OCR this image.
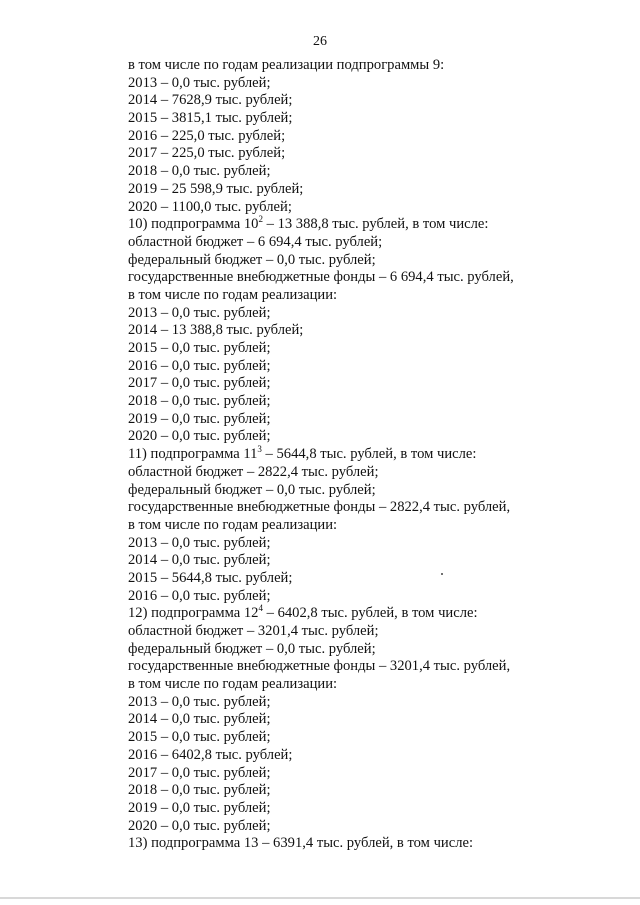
26
в том числе по годам реализации подпрограммы 9:
2013 – 0,0 тыс. рублей;
2014 – 7628,9 тыс. рублей;
2015 – 3815,1 тыс. рублей;
2016 – 225,0 тыс. рублей;
2017 – 225,0 тыс. рублей;
2018 – 0,0 тыс. рублей;
2019 – 25 598,9 тыс. рублей;
2020 – 1100,0 тыс. рублей;
10) подпрограмма $10^2 - 13$ 388,8 тыс. рублей, в том числе:
областной бюджет – 6 694,4 тыс. рублей;
федеральный бюджет – 0,0 тыс. рублей;
государственные внебюджетные фонды – 6 694,4 тыс. рублей,
в том числе по годам реализации:
2013 – 0,0 тыс. рублей;
2014 – 13 388,8 тыс. рублей;
2015 – 0,0 тыс. рублей;
2016 – 0,0 тыс. рублей;
2017 – 0,0 тыс. рублей;
2018 – 0,0 тыс. рублей;
2019 – 0,0 тыс. рублей;
2020 – 0,0 тыс. рублей;
11) подпрограмма $11^3 - 5644,8$ тыс. рублей, в том числе:
областной бюджет – 2822,4 тыс. рублей;
федеральный бюджет – 0,0 тыс. рублей;
государственные внебюджетные фонды – 2822,4 тыс. рублей,
в том числе по годам реализации:
2013 – 0,0 тыс. рублей;
2014 – 0,0 тыс. рублей;
2015 – 5644,8 тыс. рублей;
2016 – 0,0 тыс. рублей;
12) подпрограмма $12^4 - 6402,8$ тыс. рублей, в том числе:
областной бюджет – 3201,4 тыс. рублей;
федеральный бюджет – 0,0 тыс. рублей;
государственные внебюджетные фонды – 3201,4 тыс. рублей,
в том числе по годам реализации:
2013 – 0,0 тыс. рублей;
2014 – 0,0 тыс. рублей;
2015 – 0,0 тыс. рублей;
2016 – 6402,8 тыс. рублей;
2017 – 0,0 тыс. рублей;
2018 – 0,0 тыс. рублей;
2019 – 0,0 тыс. рублей;
2020 – 0,0 тыс. рублей;
13) подпрограмма 13 – 6391,4 тыс. рублей, в том числе:
